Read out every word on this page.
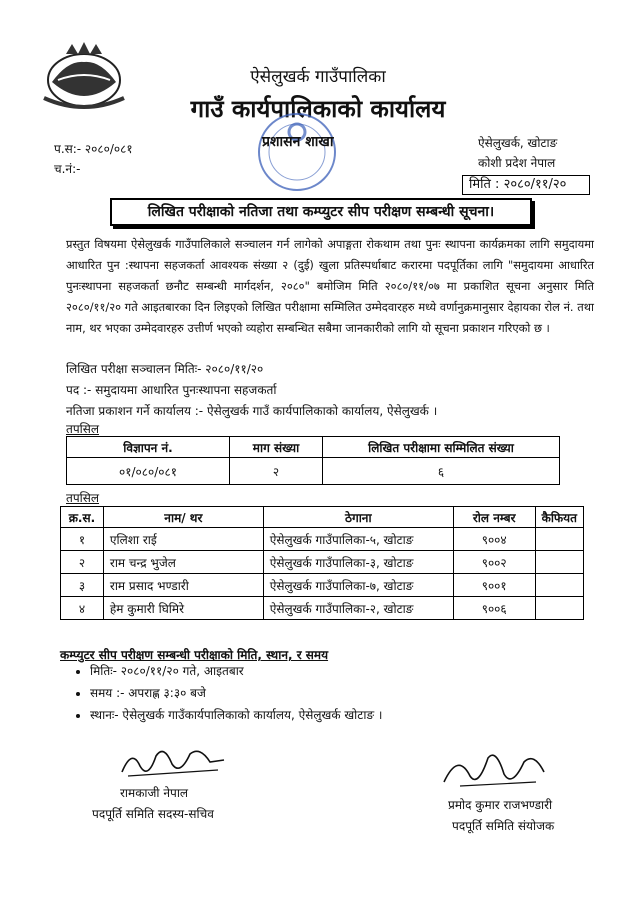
ऐसेलुखर्क गाउँपालिका
गाउँ कार्यपालिकाको कार्यालय
प.स:- २०८०/०८१
च.नं:-
प्रशासन शाखा	ऐसेलुखर्क, खोटाङ
कोशी प्रदेश नेपाल
मिति : २०८०/११/२०
लिखित परीक्षाको नतिजा तथा कम्प्युटर सीप परीक्षण सम्बन्धी सूचना।
प्रस्तुत विषयमा ऐसेलुखर्क गाउँपालिकाले सञ्चालन गर्न लागेको अपाङ्गता रोकथाम तथा पुनः स्थापना कार्यक्रमका लागि समुदायमा आधारित पुन :स्थापना सहजकर्ता आवश्यक संख्या २ (दुई) खुला प्रतिस्पर्धाबाट करारमा पदपूर्तिका लागि "समुदायमा आधारित पुनःस्थापना सहजकर्ता छनौट सम्बन्धी मार्गदर्शन, २०८०" बमोजिम मिति २०८०/११/०७ मा प्रकाशित सूचना अनुसार मिति २०८०/११/२० गते आइतबारका दिन लिइएको लिखित परीक्षामा सम्मिलित उम्मेदवारहरु मध्ये वर्णानुक्रमानुसार देहायका रोल नं. तथा नाम, थर भएका उम्मेदवारहरु उत्तीर्ण भएको व्यहोरा सम्बन्धित सबैमा जानकारीको लागि यो सूचना प्रकाशन गरिएको छ ।
लिखित परीक्षा सञ्चालन मितिः- २०८०/११/२०
पद :- समुदायमा आधारित पुनःस्थापना सहजकर्ता
नतिजा प्रकाशन गर्ने कार्यालय :- ऐसेलुखर्क गाउँ कार्यपालिकाको कार्यालय, ऐसेलुखर्क ।
तपसिल
विज्ञापन नं.	माग संख्या	लिखित परीक्षामा सम्मिलित संख्या
०१/०८०/०८१	२	६
तपसिल
क्र.स.	नाम/ थर	ठेगाना	रोल नम्बर	कैफियत
१	एलिशा राई	ऐसेलुखर्क गाउँपालिका-५, खोटाङ	९००४	
२	राम चन्द्र भुजेल	ऐसेलुखर्क गाउँपालिका-३, खोटाङ	९००२	
३	राम प्रसाद भण्डारी	ऐसेलुखर्क गाउँपालिका-७, खोटाङ	९००१	
४	हेम कुमारी घिमिरे	ऐसेलुखर्क गाउँपालिका-२, खोटाङ	९००६	
कम्प्युटर सीप परीक्षण सम्बन्धी परीक्षाको मिति, स्थान, र समय
• मितिः- २०८०/११/२० गते, आइतबार
• समय :- अपराह्ण ३:३० बजे
• स्थानः- ऐसेलुखर्क गाउँकार्यपालिकाको कार्यालय, ऐसेलुखर्क खोटाङ ।
रामकाजी नेपाल
पदपूर्ति समिति सदस्य-सचिव
प्रमोद कुमार राजभण्डारी
पदपूर्ति समिति संयोजक
